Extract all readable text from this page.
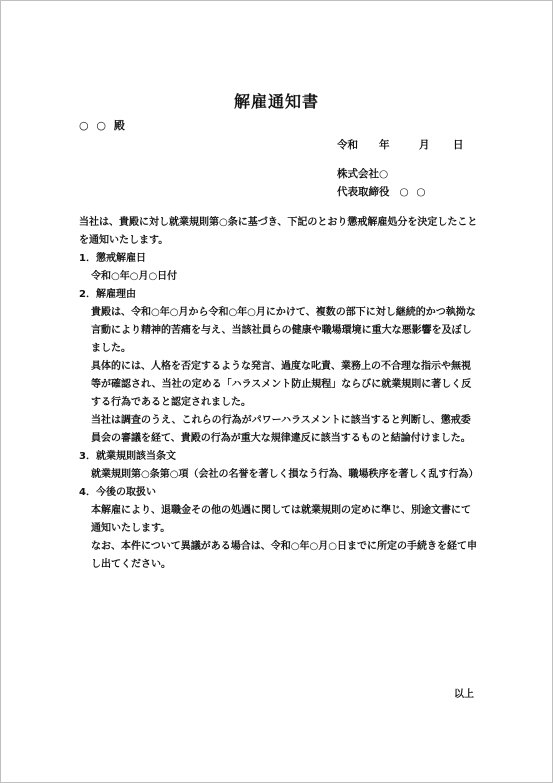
解雇通知書
○ ○ 殿
令和 年	月 日
株式会社○
代表取締役 ○ ○

当社は、貴殿に対し就業規則第○条に基づき、下記のとおり懲戒解雇処分を決定したことを通知いたします。

1．懲戒解雇日

令和○年○月○日付

2．解雇理由

貴殿は、令和○年○月から令和○年○月にかけて、複数の部下に対し継続的かつ執拗な言動により精神的苦痛を与え、当該社員らの健康や職場環境に重大な悪影響を及ぼしました。

具体的には、人格を否定するような発言、過度な叱責、業務上の不合理な指示や無視等が確認され、当社の定める「ハラスメント防止規程」ならびに就業規則に著しく反する行為であると認定されました。

当社は調査のうえ、これらの行為がパワーハラスメントに該当すると判断し、懲戒委員会の審議を経て、貴殿の行為が重大な規律違反に該当するものと結論付けました。

3．就業規則該当条文

就業規則第○条第○項（会社の名誉を著しく損なう行為、職場秩序を著しく乱す行為）

4．今後の取扱い

本解雇により、退職金その他の処遇に関しては就業規則の定めに準じ、別途文書にて通知いたします。

なお、本件について異議がある場合は、令和○年○月○日までに所定の手続きを経て申し出てください。

以上
